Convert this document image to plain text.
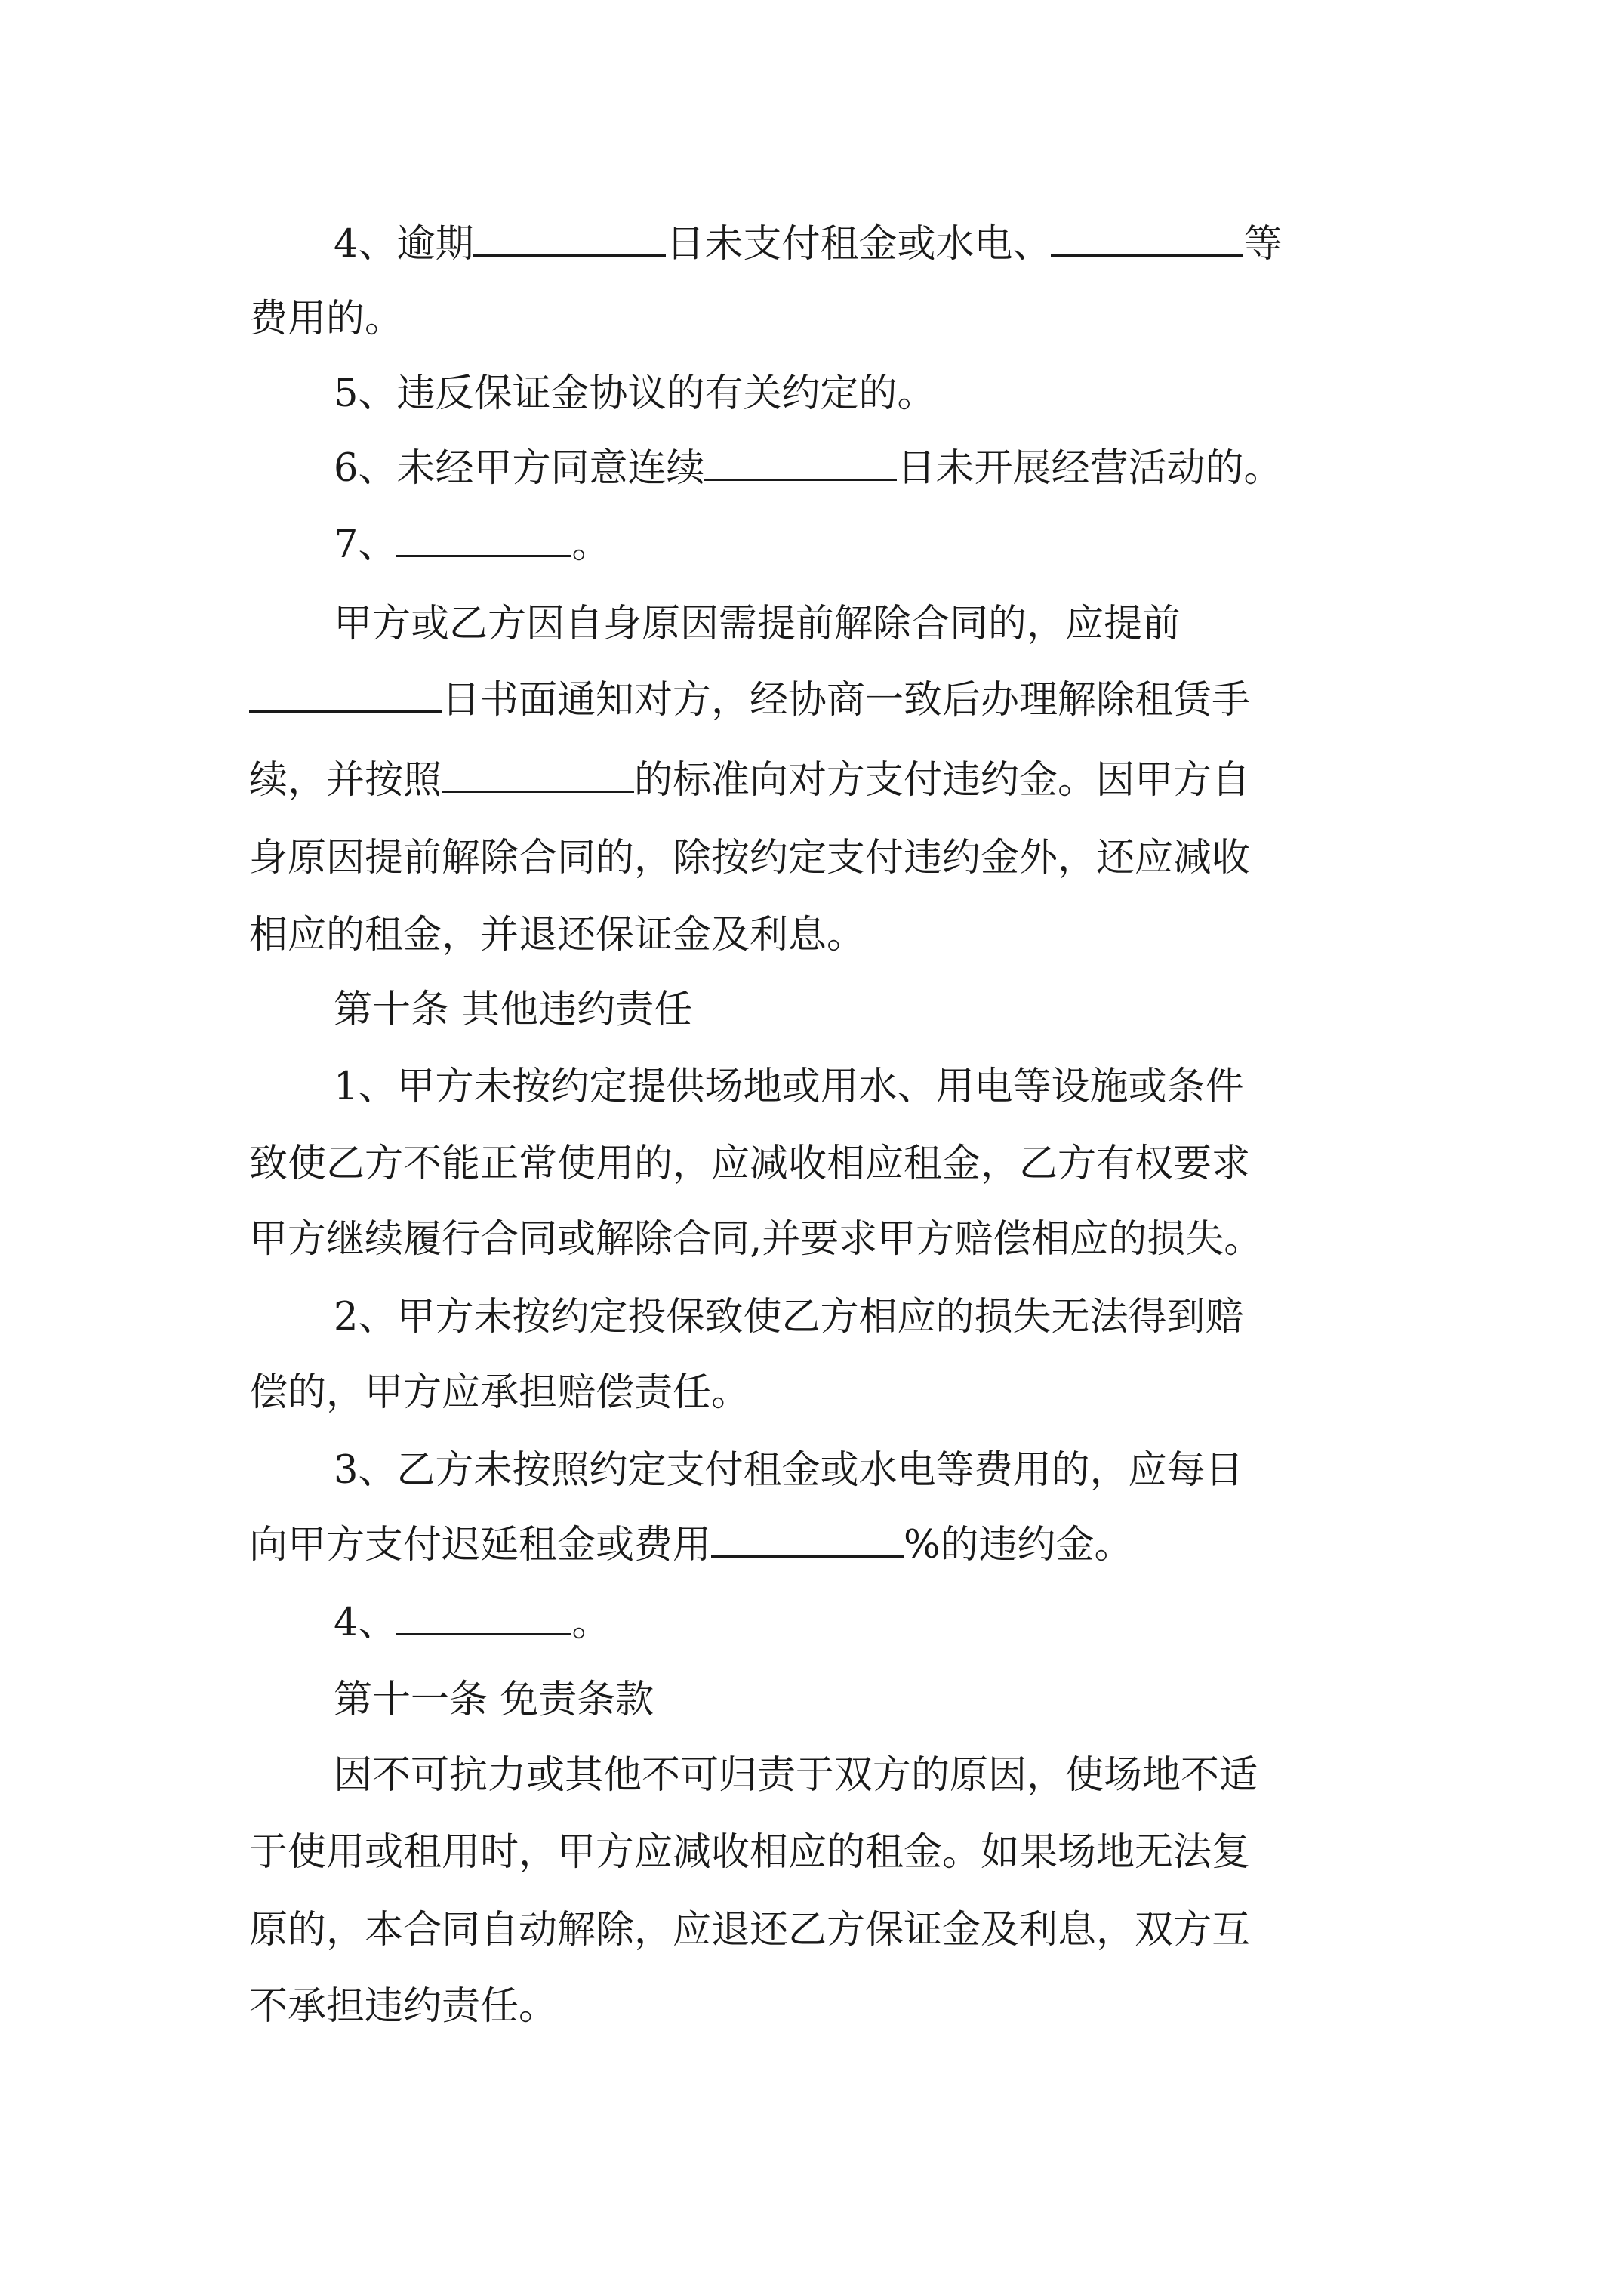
4、逾期	日未支付租金或水电、	等
费用的。
5、违反保证金协议的有关约定的。
6、未经甲方同意连续	日未开展经营活动的。
7、	。
甲方或乙方因自身原因需提前解除合同的，应提前
日书面通知对方，经协商一致后办理解除租赁手
续，并按照	的标准向对方支付违约金。因甲方自
身原因提前解除合同的，除按约定支付违约金外，还应减收
相应的租金，并退还保证金及利息。
第十条 其他违约责任
1、甲方未按约定提供场地或用水、用电等设施或条件
致使乙方不能正常使用的，应减收相应租金，乙方有权要求
甲方继续履行合同或解除合同,并要求甲方赔偿相应的损失。
2、甲方未按约定投保致使乙方相应的损失无法得到赔
偿的，甲方应承担赔偿责任。
3、乙方未按照约定支付租金或水电等费用的，应每日
向甲方支付迟延租金或费用	%的违约金。
4、	。
第十一条 免责条款
因不可抗力或其他不可归责于双方的原因，使场地不适
于使用或租用时，甲方应减收相应的租金。如果场地无法复
原的，本合同自动解除，应退还乙方保证金及利息，双方互
不承担违约责任。
